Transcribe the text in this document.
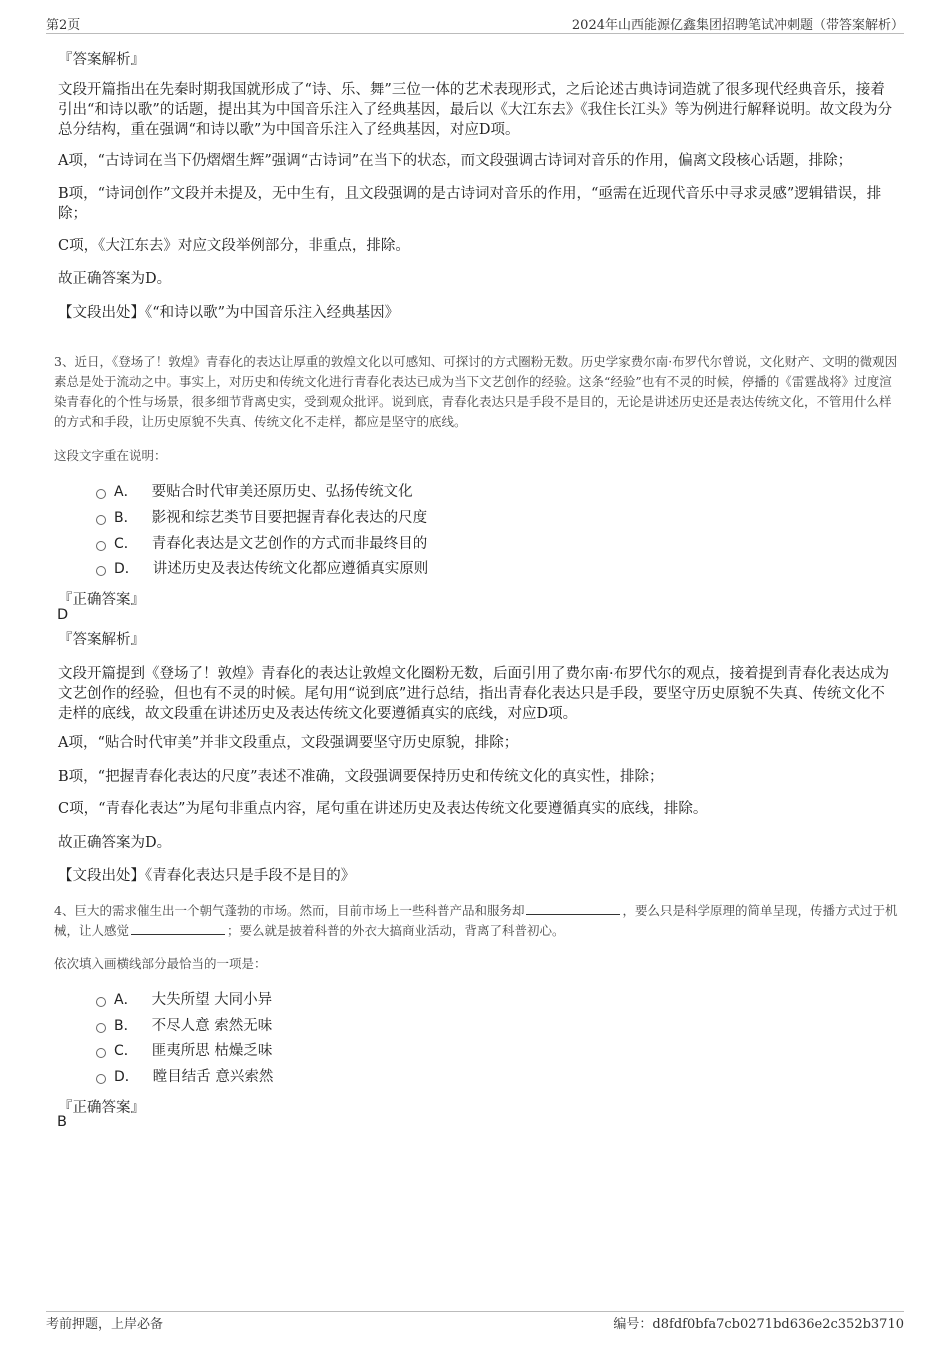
第2页	2024年山西能源亿鑫集团招聘笔试冲刺题（带答案解析）
『答案解析』
文段开篇指出在先秦时期我国就形成了“诗、乐、舞”三位一体的艺术表现形式，之后论述古典诗词造就了很多现代经典音乐，接着引出“和诗以歌”的话题，提出其为中国音乐注入了经典基因，最后以《大江东去》《我住长江头》等为例进行解释说明。故文段为分总分结构，重在强调“和诗以歌”为中国音乐注入了经典基因，对应D项。
A项，“古诗词在当下仍熠熠生辉”强调“古诗词”在当下的状态，而文段强调古诗词对音乐的作用，偏离文段核心话题，排除；
B项，“诗词创作”文段并未提及，无中生有，且文段强调的是古诗词对音乐的作用，“亟需在近现代音乐中寻求灵感”逻辑错误，排除；
C项，《大江东去》对应文段举例部分，非重点，排除。
故正确答案为D。
【文段出处】《“和诗以歌”为中国音乐注入经典基因》
3、近日，《登场了！敦煌》青春化的表达让厚重的敦煌文化以可感知、可探讨的方式圈粉无数。历史学家费尔南·布罗代尔曾说，文化财产、文明的微观因素总是处于流动之中。事实上，对历史和传统文化进行青春化表达已成为当下文艺创作的经验。这条“经验”也有不灵的时候，停播的《雷霆战将》过度渲染青春化的个性与场景，很多细节背离史实，受到观众批评。说到底，青春化表达只是手段不是目的，无论是讲述历史还是表达传统文化，不管用什么样的方式和手段，让历史原貌不失真、传统文化不走样，都应是坚守的底线。
这段文字重在说明：
A． 要贴合时代审美还原历史、弘扬传统文化
B． 影视和综艺类节目要把握青春化表达的尺度
C． 青春化表达是文艺创作的方式而非最终目的
D． 讲述历史及表达传统文化都应遵循真实原则
『正确答案』
D
『答案解析』
文段开篇提到《登场了！敦煌》青春化的表达让敦煌文化圈粉无数，后面引用了费尔南·布罗代尔的观点，接着提到青春化表达成为文艺创作的经验，但也有不灵的时候。尾句用“说到底”进行总结，指出青春化表达只是手段，要坚守历史原貌不失真、传统文化不走样的底线，故文段重在讲述历史及表达传统文化要遵循真实的底线，对应D项。
A项，“贴合时代审美”并非文段重点，文段强调要坚守历史原貌，排除；
B项，“把握青春化表达的尺度”表述不准确，文段强调要保持历史和传统文化的真实性，排除；
C项，“青春化表达”为尾句非重点内容，尾句重在讲述历史及表达传统文化要遵循真实的底线，排除。
故正确答案为D。
【文段出处】《青春化表达只是手段不是目的》
4、巨大的需求催生出一个朝气蓬勃的市场。然而，目前市场上一些科普产品和服务却	，要么只是科学原理的简单呈现，传播方式过于机械，让人感觉	；要么就是披着科普的外衣大搞商业活动，背离了科普初心。
依次填入画横线部分最恰当的一项是：
A． 大失所望 大同小异
B． 不尽人意 索然无味
C． 匪夷所思 枯燥乏味
D． 瞠目结舌 意兴索然
『正确答案』
B
考前押题，上岸必备	编号：d8fdf0bfa7cb0271bd636e2c352b3710
